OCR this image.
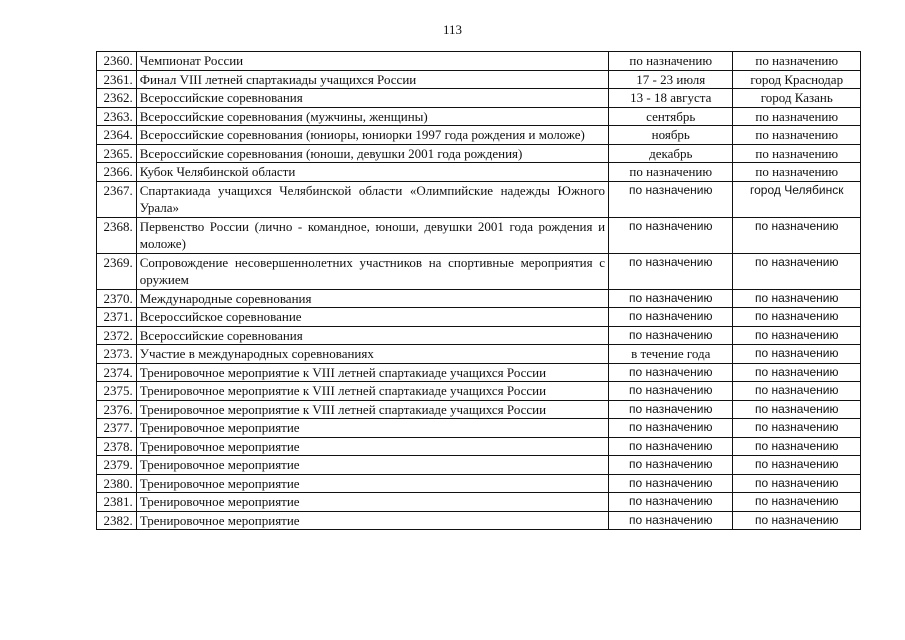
113
2360.	Чемпионат России	по назначению	по назначению
2361.	Финал VIII летней спартакиады учащихся России	17 - 23 июля	город Краснодар
2362.	Всероссийские соревнования	13 - 18 августа	город Казань
2363.	Всероссийские соревнования (мужчины, женщины)	сентябрь	по назначению
2364.	Всероссийские соревнования (юниоры, юниорки 1997 года рождения и моложе)	ноябрь	по назначению
2365.	Всероссийские соревнования (юноши, девушки 2001 года рождения)	декабрь	по назначению
2366.	Кубок Челябинской области	по назначению	по назначению
2367.	Спартакиада учащихся Челябинской области «Олимпийские надежды Южного Урала»	по назначению	город Челябинск
2368.	Первенство России (лично - командное, юноши, девушки 2001 года рождения и моложе)	по назначению	по назначению
2369.	Сопровождение несовершеннолетних участников на спортивные мероприятия с оружием	по назначению	по назначению
2370.	Международные соревнования	по назначению	по назначению
2371.	Всероссийское соревнование	по назначению	по назначению
2372.	Всероссийские соревнования	по назначению	по назначению
2373.	Участие в международных соревнованиях	в течение года	по назначению
2374.	Тренировочное мероприятие к VIII летней спартакиаде учащихся России	по назначению	по назначению
2375.	Тренировочное мероприятие к VIII летней спартакиаде учащихся России	по назначению	по назначению
2376.	Тренировочное мероприятие к VIII летней спартакиаде учащихся России	по назначению	по назначению
2377.	Тренировочное мероприятие	по назначению	по назначению
2378.	Тренировочное мероприятие	по назначению	по назначению
2379.	Тренировочное мероприятие	по назначению	по назначению
2380.	Тренировочное мероприятие	по назначению	по назначению
2381.	Тренировочное мероприятие	по назначению	по назначению
2382.	Тренировочное мероприятие	по назначению	по назначению
